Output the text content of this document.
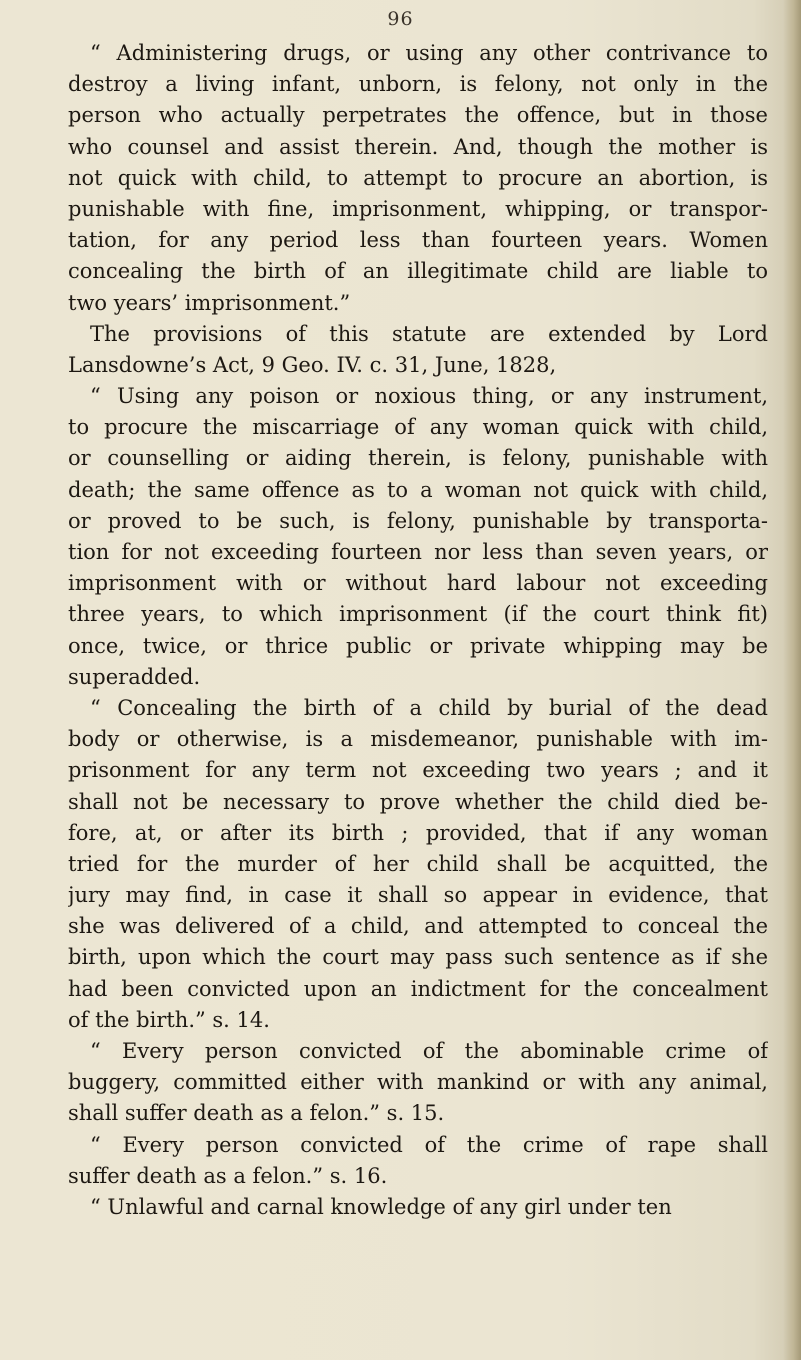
96
“ Administering drugs, or using any other contrivance to
destroy a living infant, unborn, is felony, not only in the
person who actually perpetrates the offence, but in those
who counsel and assist therein. And, though the mother is
not quick with child, to attempt to procure an abortion, is
punishable with fine, imprisonment, whipping, or transpor-
tation, for any period less than fourteen years. Women
concealing the birth of an illegitimate child are liable to
two years’ imprisonment.”
The provisions of this statute are extended by Lord
Lansdowne’s Act, 9 Geo. IV. c. 31, June, 1828,
“ Using any poison or noxious thing, or any instrument,
to procure the miscarriage of any woman quick with child,
or counselling or aiding therein, is felony, punishable with
death; the same offence as to a woman not quick with child,
or proved to be such, is felony, punishable by transporta-
tion for not exceeding fourteen nor less than seven years, or
imprisonment with or without hard labour not exceeding
three years, to which imprisonment (if the court think fit)
once, twice, or thrice public or private whipping may be
superadded.
“ Concealing the birth of a child by burial of the dead
body or otherwise, is a misdemeanor, punishable with im-
prisonment for any term not exceeding two years ; and it
shall not be necessary to prove whether the child died be-
fore, at, or after its birth ; provided, that if any woman
tried for the murder of her child shall be acquitted, the
jury may find, in case it shall so appear in evidence, that
she was delivered of a child, and attempted to conceal the
birth, upon which the court may pass such sentence as if she
had been convicted upon an indictment for the concealment
of the birth.” s. 14.
“ Every person convicted of the abominable crime of
buggery, committed either with mankind or with any animal,
shall suffer death as a felon.” s. 15.
“ Every person convicted of the crime of rape shall
suffer death as a felon.” s. 16.
“ Unlawful and carnal knowledge of any girl under ten
